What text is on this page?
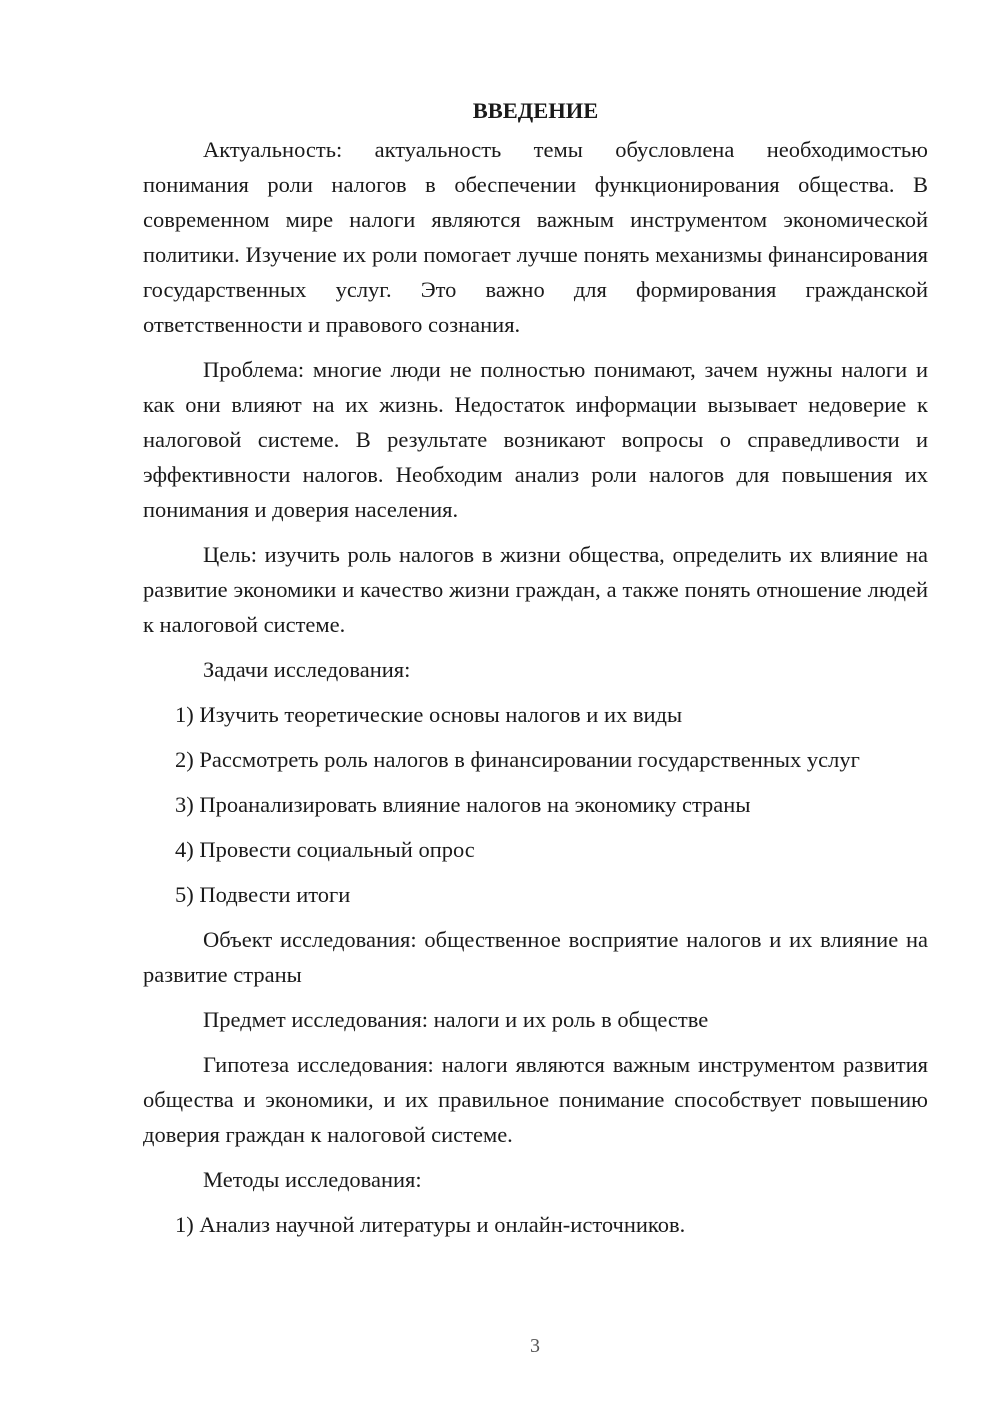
ВВЕДЕНИЕ

Актуальность: актуальность темы обусловлена необходимостью понимания роли налогов в обеспечении функционирования общества. В современном мире налоги являются важным инструментом экономической политики. Изучение их роли помогает лучше понять механизмы финансирования государственных услуг. Это важно для формирования гражданской ответственности и правового сознания.

Проблема: многие люди не полностью понимают, зачем нужны налоги и как они влияют на их жизнь. Недостаток информации вызывает недоверие к налоговой системе. В результате возникают вопросы о справедливости и эффективности налогов. Необходим анализ роли налогов для повышения их понимания и доверия населения.

Цель: изучить роль налогов в жизни общества, определить их влияние на развитие экономики и качество жизни граждан, а также понять отношение людей к налоговой системе.

Задачи исследования:

1) Изучить теоретические основы налогов и их виды

2) Рассмотреть роль налогов в финансировании государственных услуг

3) Проанализировать влияние налогов на экономику страны

4) Провести социальный опрос

5) Подвести итоги

Объект исследования: общественное восприятие налогов и их влияние на развитие страны

Предмет исследования: налоги и их роль в обществе

Гипотеза исследования: налоги являются важным инструментом развития общества и экономики, и их правильное понимание способствует повышению доверия граждан к налоговой системе.

Методы исследования:

1) Анализ научной литературы и онлайн-источников.

3
